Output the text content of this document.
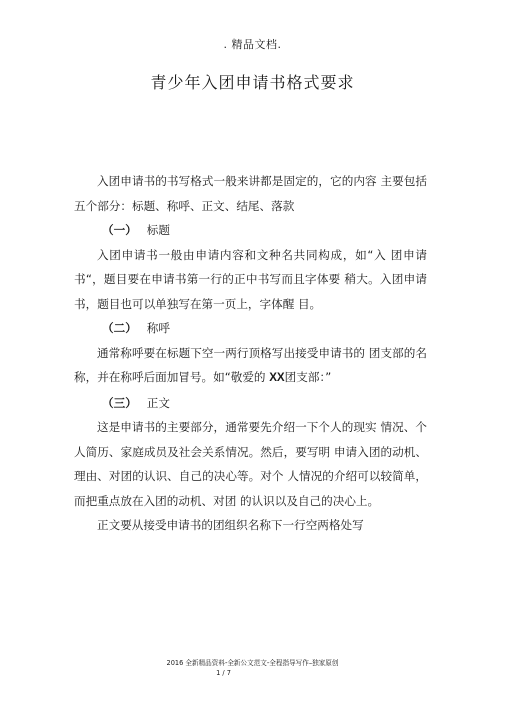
. 精品文档.
青少年入团申请书格式要求

入团申请书的书写格式一般来讲都是固定的，它的内容 主要包括五个部分：标题、称呼、正文、结尾、落款

（一） 标题

入团申请书一般由申请内容和文种名共同构成，如“入 团申请书“，题目要在申请书第一行的正中书写而且字体要 稍大。入团申请书，题目也可以单独写在第一页上，字体醒 目。

（二） 称呼

通常称呼要在标题下空一两行顶格写出接受申请书的 团支部的名称，并在称呼后面加冒号。如“敬爱的 XX团支部：”

（三） 正文

这是申请书的主要部分，通常要先介绍一下个人的现实 情况、个人简历、家庭成员及社会关系情况。然后，要写明 申请入团的动机、理由、对团的认识、自己的决心等。对个 人情况的介绍可以较简单，而把重点放在入团的动机、对团 的认识以及自己的决心上。

正文要从接受申请书的团组织名称下一行空两格处写

2016 全新精品资料-全新公文范文-全程指导写作–独家原创
1 / 7
